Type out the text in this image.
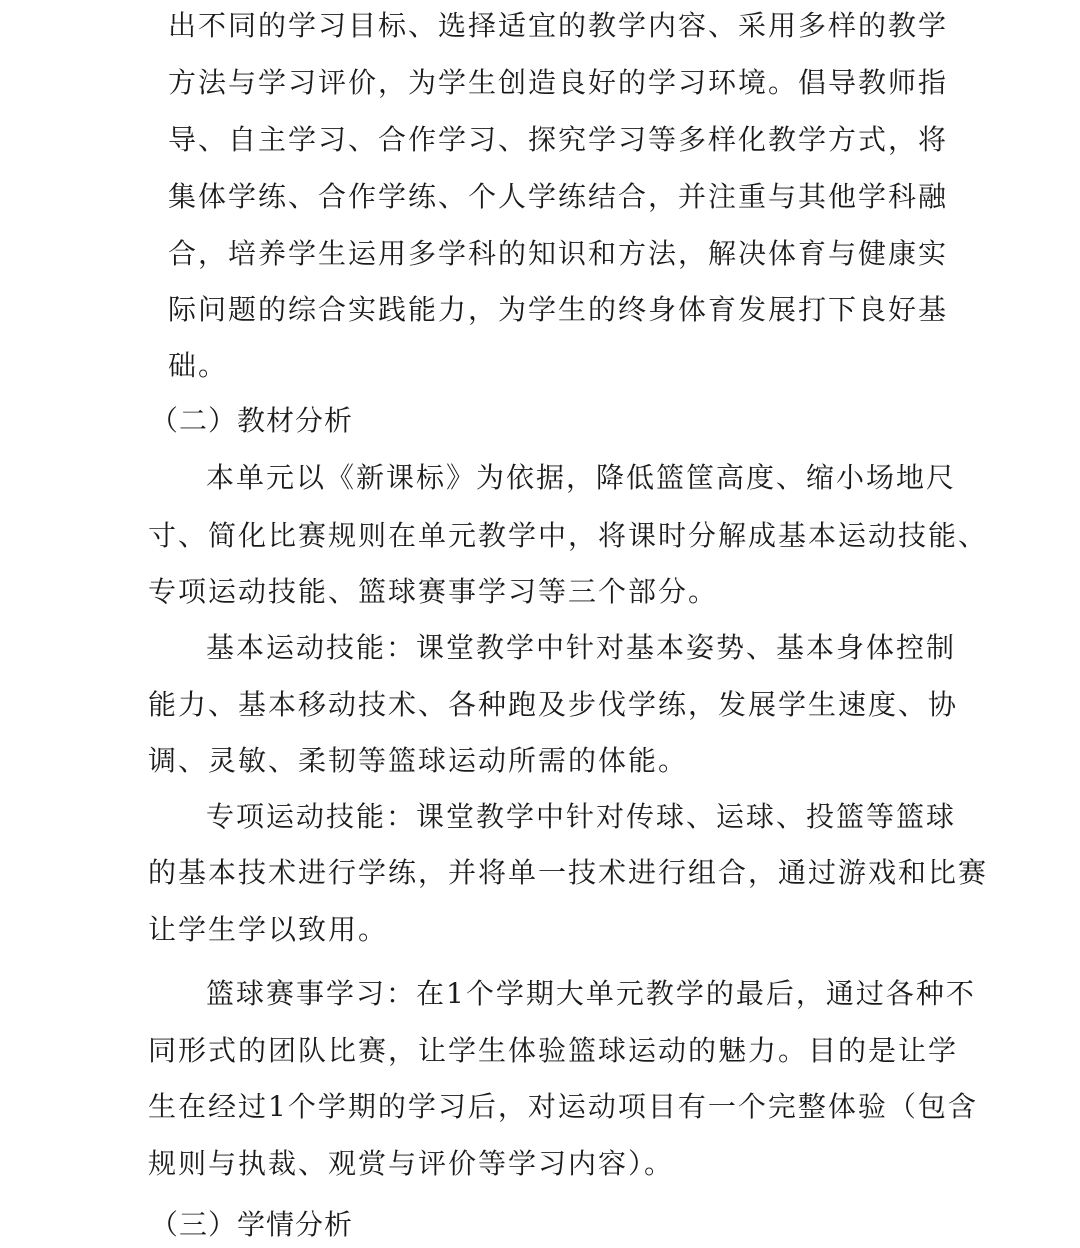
出不同的学习目标、选择适宜的教学内容、采用多样的教学
方法与学习评价，为学生创造良好的学习环境。倡导教师指
导、自主学习、合作学习、探究学习等多样化教学方式，将
集体学练、合作学练、个人学练结合，并注重与其他学科融
合，培养学生运用多学科的知识和方法，解决体育与健康实
际问题的综合实践能力，为学生的终身体育发展打下良好基
础。
（二）教材分析
本单元以《新课标》为依据，降低篮筐高度、缩小场地尺
寸、简化比赛规则在单元教学中，将课时分解成基本运动技能、
专项运动技能、篮球赛事学习等三个部分。
基本运动技能：课堂教学中针对基本姿势、基本身体控制
能力、基本移动技术、各种跑及步伐学练，发展学生速度、协
调、灵敏、柔韧等篮球运动所需的体能。
专项运动技能：课堂教学中针对传球、运球、投篮等篮球
的基本技术进行学练，并将单一技术进行组合，通过游戏和比赛
让学生学以致用。
篮球赛事学习：在1个学期大单元教学的最后，通过各种不
同形式的团队比赛，让学生体验篮球运动的魅力。目的是让学
生在经过1个学期的学习后，对运动项目有一个完整体验（包含
规则与执裁、观赏与评价等学习内容）。
（三）学情分析
